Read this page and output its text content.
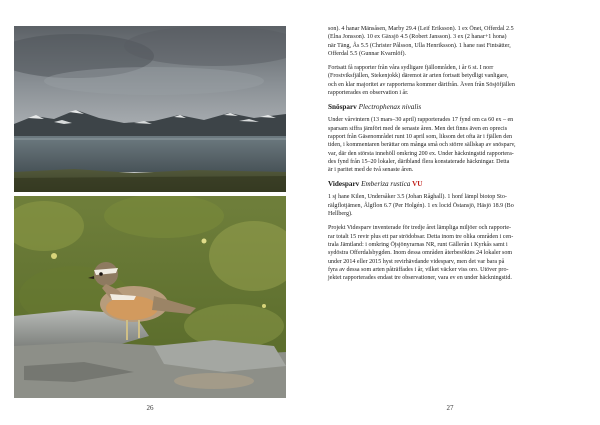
26

son). 4 hanar Mänsåsen, Marby 29.4 (Leif Eriksson). 1 ex Önet, Offerdal 2.5
(Elna Jonsson). 10 ex Gäxsjö 4.5 (Robert Jansson). 3 ex (2 hanar+1 hona)
när Täng, Ås 5.5 (Christer Pålsson, Ulla Henriksson). 1 hane rast Fintsätter,
Offerdal 5.5 (Gunnar Kvarnlöf).

Fortsatt få rapporter från våra sydligare fjällområden, i år 6 st. I norr
(Frostviksfjällen, Stekenjokk) däremot är arten fortsatt betydligt vanligare,
och en klar majoritet av rapporterna kommer därifrån. Även från Sösjöfjällen
rapporterades en observation i år.

Snösparv Plectrophenax nivalis

Under vårvintern (13 mars–30 april) rapporterades 17 fynd om ca 60 ex – en
sparsam siffra jämfört med de senaste åren. Men det finns även en oprecis
rapport från Gäsenområdet runt 10 april som, liksom det ofta är i fjällen den
tiden, i kommentaren berättar om många små och större sällskap av snösparv,
var, där den största innehöll omkring 200 ex. Under häckningstid rapportera-
des fynd från 15–20 lokaler, däribland flera konstaterade häckningar. Detta
är i paritet med de två senaste åren.

Videsparv Emberiza rustica VU

1 sj hane Kilen, Undersåker 3.5 (Johan Råghall). 1 honf lämpl biotop Sto-
rälgflotjämen, Ålgflon 6.7 (Per Holgén). 1 ex locid Östansjö, Häsjö 18.9 (Bo
Hellberg).

Projekt Videsparv inventerade för tredje året lämpliga miljöer och rapporte-
rar totalt 15 revir plus ett par strödobsar. Detta inom tre olika områden i cen-
trala Jämtland: i omkring Öjsjönyrarnas NR, runt Gällerån i Kyrkås samt i
sydöstra Offerdalsbygden. Inom dessa områden återbesöktes 24 lokaler som
under 2014 eller 2015 hyst revirhävdande videsparv, men det var bara på
fyra av dessa som arten påträffades i år, vilket väcker viss oro. Utöver pro-
jektet rapporterades endast tre observationer, vara ev en under häckningstid.

27
